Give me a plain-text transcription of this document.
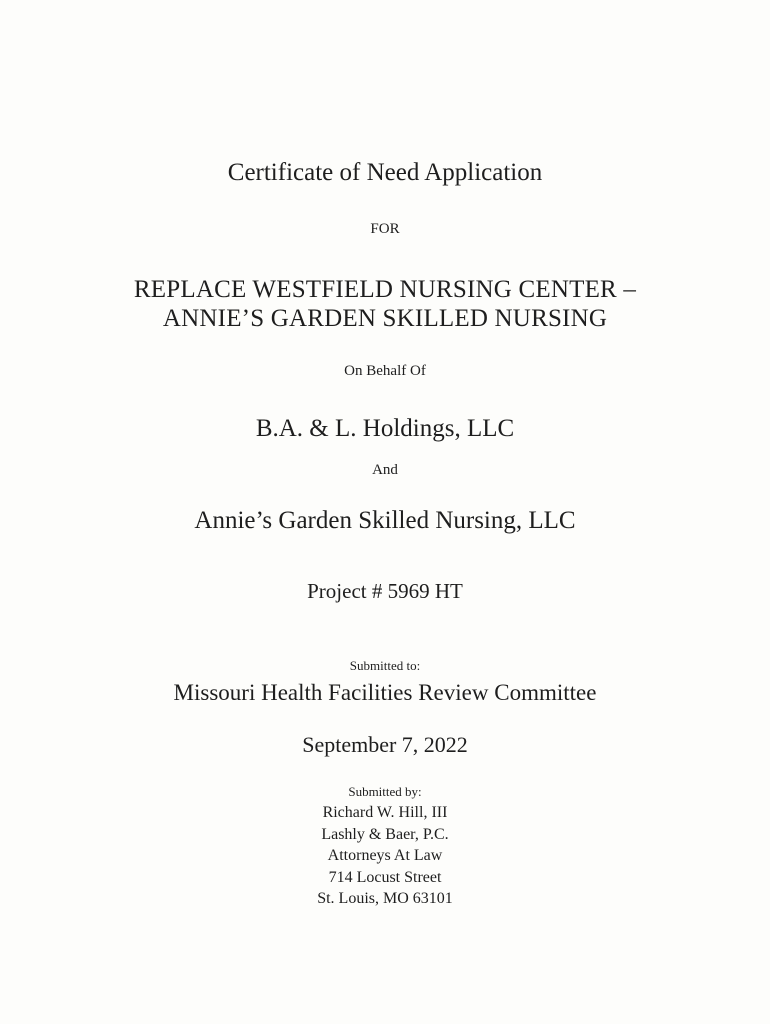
Certificate of Need Application
FOR
REPLACE WESTFIELD NURSING CENTER –
ANNIE’S GARDEN SKILLED NURSING
On Behalf Of
B.A. & L. Holdings, LLC
And
Annie’s Garden Skilled Nursing, LLC
Project # 5969 HT
Submitted to:
Missouri Health Facilities Review Committee
September 7, 2022
Submitted by:
Richard W. Hill, III
Lashly & Baer, P.C.
Attorneys At Law
714 Locust Street
St. Louis, MO 63101
